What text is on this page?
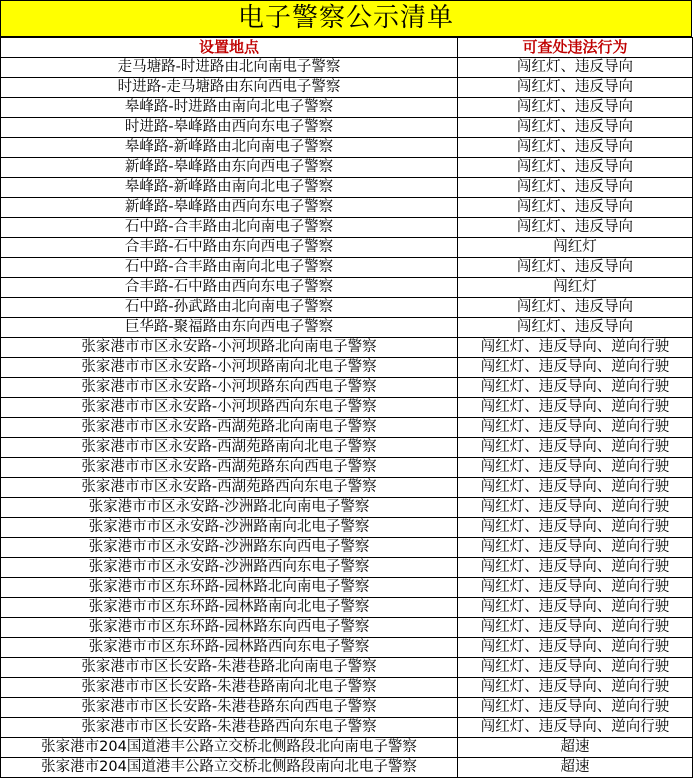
电子警察公示清单
设置地点	可查处违法行为
走马塘路-时进路由北向南电子警察	闯红灯、违反导向
时进路-走马塘路由东向西电子警察	闯红灯、违反导向
皋峰路-时进路由南向北电子警察	闯红灯、违反导向
时进路-皋峰路由西向东电子警察	闯红灯、违反导向
皋峰路-新峰路由北向南电子警察	闯红灯、违反导向
新峰路-皋峰路由东向西电子警察	闯红灯、违反导向
皋峰路-新峰路由南向北电子警察	闯红灯、违反导向
新峰路-皋峰路由西向东电子警察	闯红灯、违反导向
石中路-合丰路由北向南电子警察	闯红灯、违反导向
合丰路-石中路由东向西电子警察	闯红灯
石中路-合丰路由南向北电子警察	闯红灯、违反导向
合丰路-石中路由西向东电子警察	闯红灯
石中路-孙武路由北向南电子警察	闯红灯、违反导向
巨华路-聚福路由东向西电子警察	闯红灯、违反导向
张家港市市区永安路-小河坝路北向南电子警察	闯红灯、违反导向、逆向行驶
张家港市市区永安路-小河坝路南向北电子警察	闯红灯、违反导向、逆向行驶
张家港市市区永安路-小河坝路东向西电子警察	闯红灯、违反导向、逆向行驶
张家港市市区永安路-小河坝路西向东电子警察	闯红灯、违反导向、逆向行驶
张家港市市区永安路-西湖苑路北向南电子警察	闯红灯、违反导向、逆向行驶
张家港市市区永安路-西湖苑路南向北电子警察	闯红灯、违反导向、逆向行驶
张家港市市区永安路-西湖苑路东向西电子警察	闯红灯、违反导向、逆向行驶
张家港市市区永安路-西湖苑路西向东电子警察	闯红灯、违反导向、逆向行驶
张家港市市区永安路-沙洲路北向南电子警察	闯红灯、违反导向、逆向行驶
张家港市市区永安路-沙洲路南向北电子警察	闯红灯、违反导向、逆向行驶
张家港市市区永安路-沙洲路东向西电子警察	闯红灯、违反导向、逆向行驶
张家港市市区永安路-沙洲路西向东电子警察	闯红灯、违反导向、逆向行驶
张家港市市区东环路-园林路北向南电子警察	闯红灯、违反导向、逆向行驶
张家港市市区东环路-园林路南向北电子警察	闯红灯、违反导向、逆向行驶
张家港市市区东环路-园林路东向西电子警察	闯红灯、违反导向、逆向行驶
张家港市市区东环路-园林路西向东电子警察	闯红灯、违反导向、逆向行驶
张家港市市区长安路-朱港巷路北向南电子警察	闯红灯、违反导向、逆向行驶
张家港市市区长安路-朱港巷路南向北电子警察	闯红灯、违反导向、逆向行驶
张家港市市区长安路-朱港巷路东向西电子警察	闯红灯、违反导向、逆向行驶
张家港市市区长安路-朱港巷路西向东电子警察	闯红灯、违反导向、逆向行驶
张家港市204国道港丰公路立交桥北侧路段北向南电子警察	超速
张家港市204国道港丰公路立交桥北侧路段南向北电子警察	超速
